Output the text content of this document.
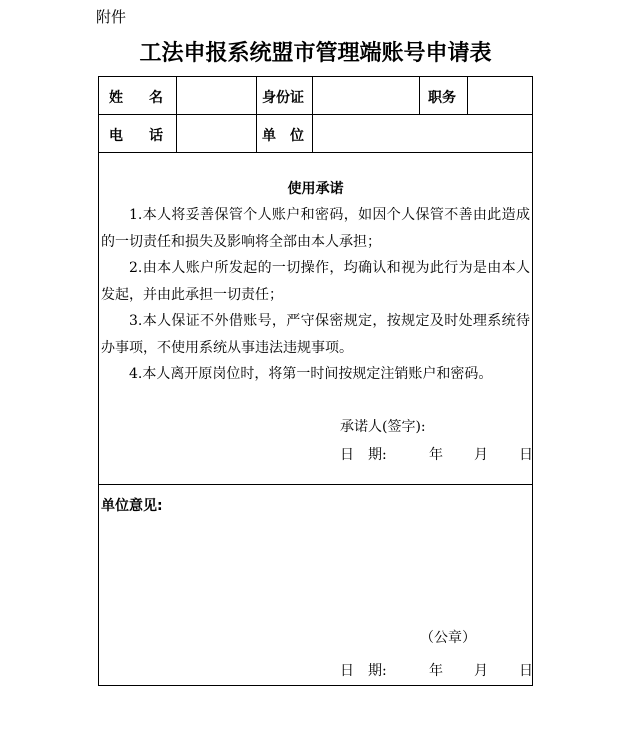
附件
工法申报系统盟市管理端账号申请表
姓名	身份证	职务
电话	单位
使用承诺

1.本人将妥善保管个人账户和密码，如因个人保管不善由此造成的一切责任和损失及影响将全部由本人承担；

2.由本人账户所发起的一切操作，均确认和视为此行为是由本人发起，并由此承担一切责任；

3.本人保证不外借账号，严守保密规定，按规定及时处理系统待办事项，不使用系统从事违法违规事项。

4.本人离开原岗位时，将第一时间按规定注销账户和密码。

承诺人(签字):
日　期:	年 月 日
单位意见:
（公章）
日　期:	年 月 日
